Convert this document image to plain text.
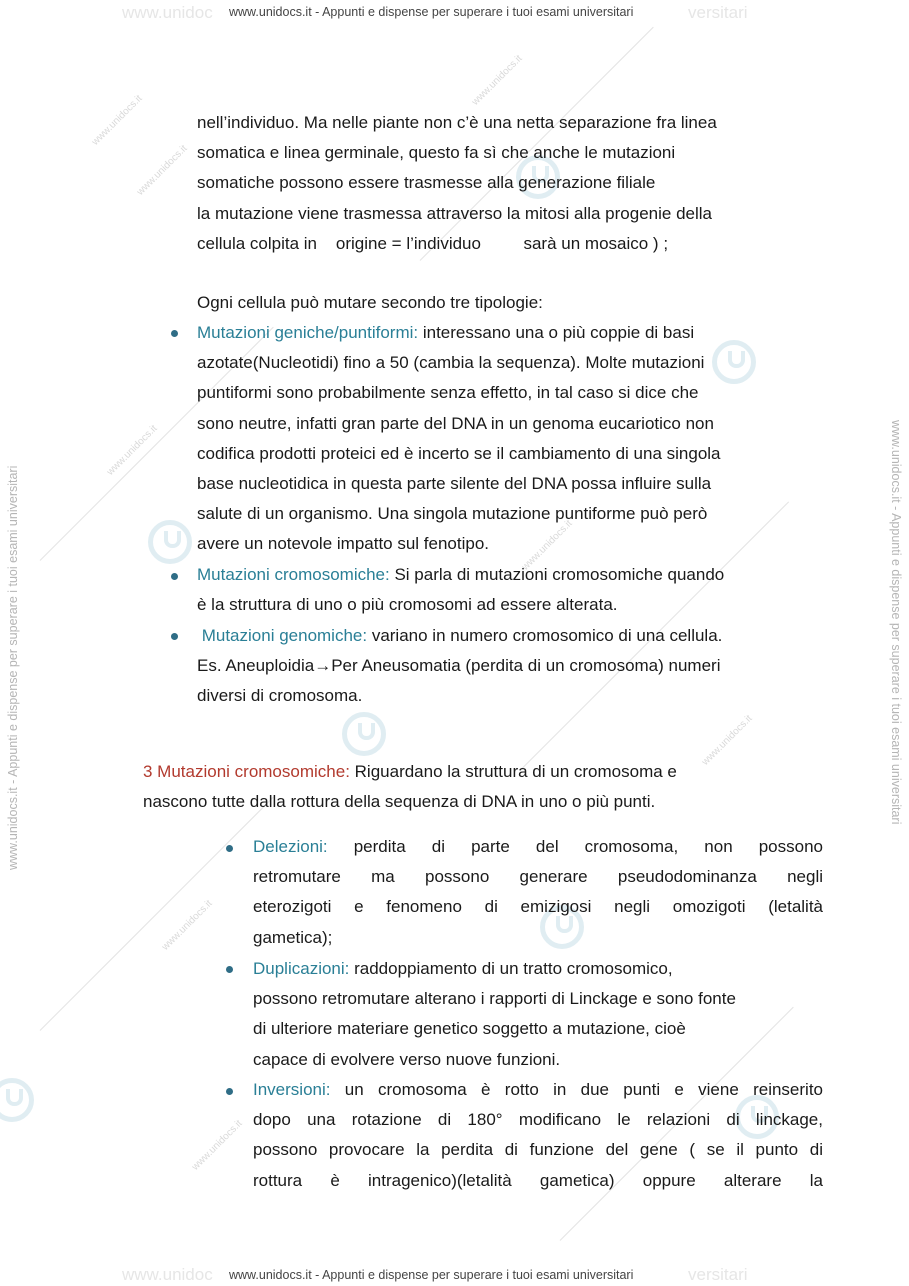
www.unidoc	versitari
www.unidocs.it - Appunti e dispense per superare i tuoi esami universitari
www.unidoc	versitari
www.unidocs.it - Appunti e dispense per superare i tuoi esami universitari
www.unidocs.it - Appunti e dispense per superare i tuoi esami universitari	www.unidocs.it - Appunti e dispense per superare i tuoi esami universitari
www.unidocs.it
www.unidocs.it
www.unidocs.it
www.unidocs.it
www.unidocs.it
www.unidocs.it
www.unidocs.it
www.unidocs.it
nell’individuo. Ma nelle piante non c’è una netta separazione fra linea
somatica e linea germinale, questo fa sì che anche le mutazioni
somatiche possono essere trasmesse alla generazione filiale
la mutazione viene trasmessa attraverso la mitosi alla progenie della
cellula colpita in    origine = l’individuo         sarà un mosaico ) ;
Ogni cellula può mutare secondo tre tipologie:
Mutazioni geniche/puntiformi: interessano una o più coppie di basi
azotate(Nucleotidi) fino a 50 (cambia la sequenza). Molte mutazioni
puntiformi sono probabilmente senza effetto, in tal caso si dice che
sono neutre, infatti gran parte del DNA in un genoma eucariotico non
codifica prodotti proteici ed è incerto se il cambiamento di una singola
base nucleotidica in questa parte silente del DNA possa influire sulla
salute di un organismo. Una singola mutazione puntiforme può però
avere un notevole impatto sul fenotipo.
Mutazioni cromosomiche: Si parla di mutazioni cromosomiche quando
è la struttura di uno o più cromosomi ad essere alterata.
Mutazioni genomiche: variano in numero cromosomico di una cellula.
Es. Aneuploidia→Per Aneusomatia (perdita di un cromosoma) numeri
diversi di cromosoma.
3 Mutazioni cromosomiche: Riguardano la struttura di un cromosoma e
nascono tutte dalla rottura della sequenza di DNA in uno o più punti.
Delezioni: perdita di parte del cromosoma, non possono
retromutare ma possono generare pseudodominanza negli
eterozigoti e fenomeno di emizigosi negli omozigoti (letalità
gametica);
Duplicazioni: raddoppiamento di un tratto cromosomico,
possono retromutare alterano i rapporti di Linckage e sono fonte
di ulteriore materiare genetico soggetto a mutazione, cioè
capace di evolvere verso nuove funzioni.
Inversioni: un cromosoma è rotto in due punti e viene reinserito
dopo una rotazione di 180° modificano le relazioni di linckage,
possono provocare la perdita di funzione del gene ( se il punto di
rottura è intragenico)(letalità gametica) oppure alterare la
